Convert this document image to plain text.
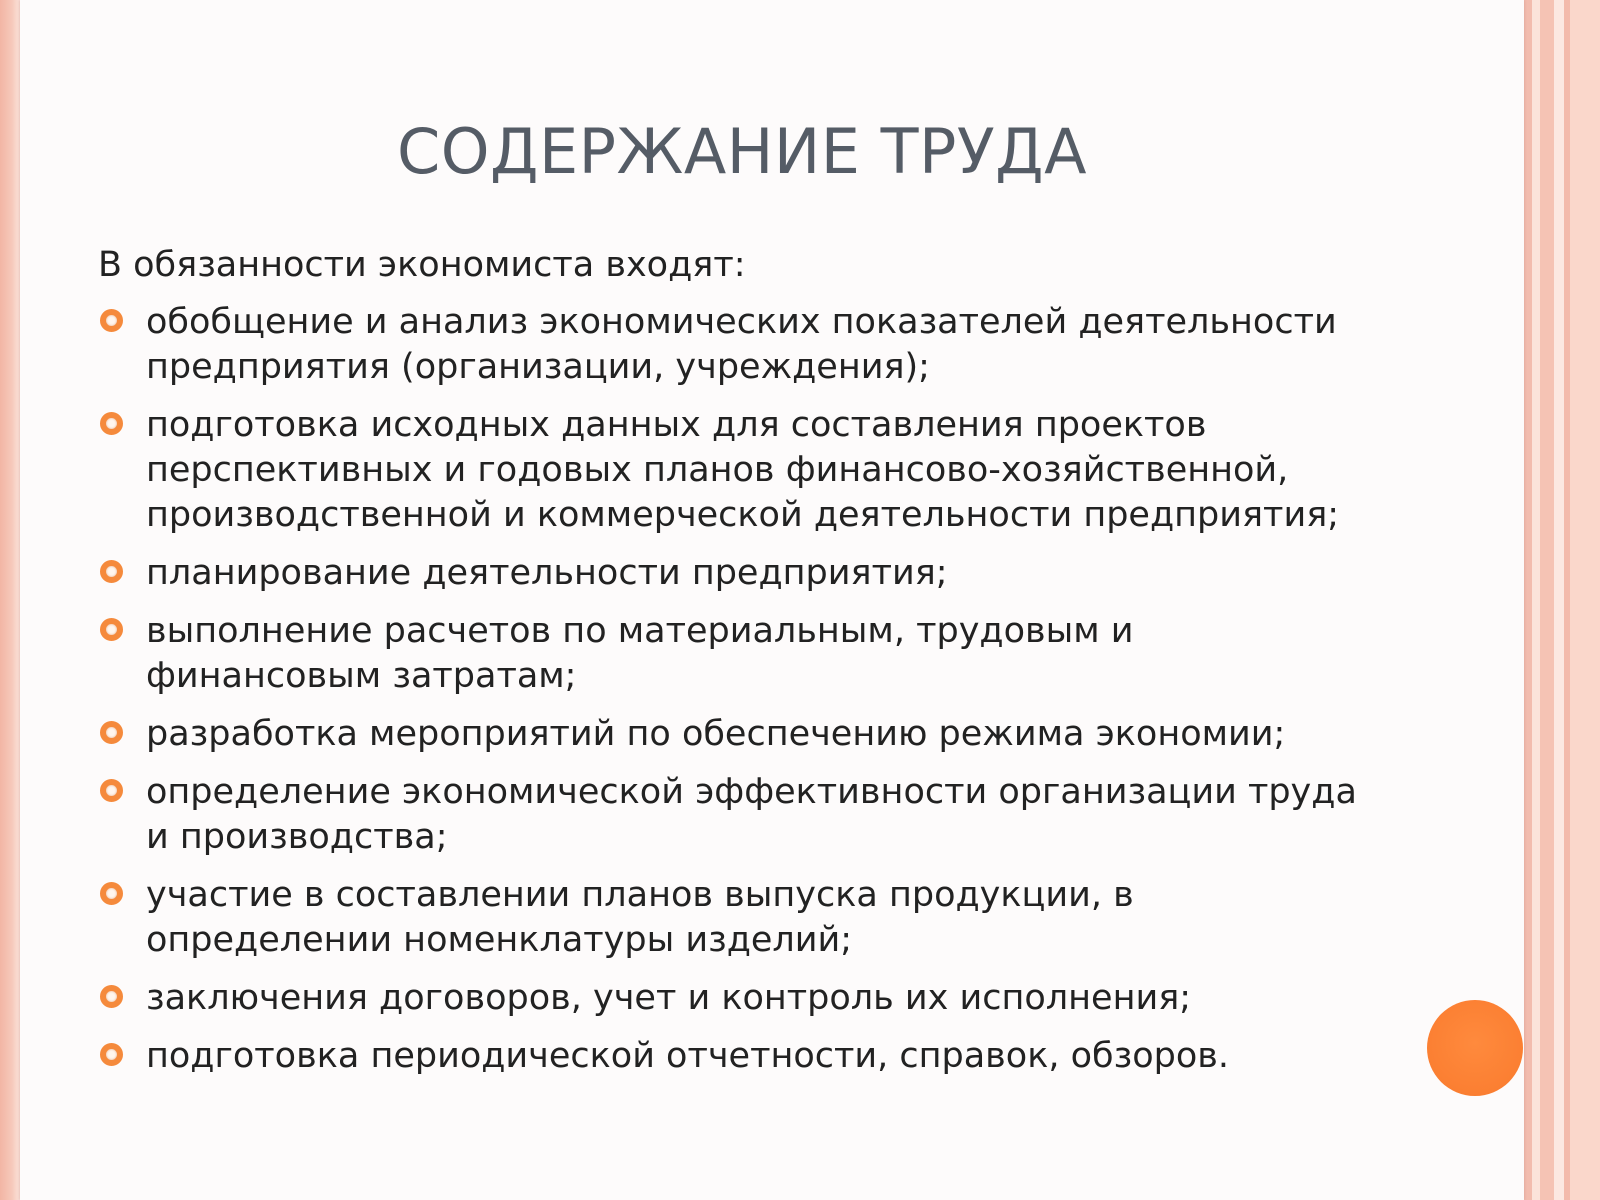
СОДЕРЖАНИЕ ТРУДА

В обязанности экономиста входят:

обобщение и анализ экономических показателей деятельности
предприятия (организации, учреждения);
подготовка исходных данных для составления проектов
перспективных и годовых планов финансово-хозяйственной,
производственной и коммерческой деятельности предприятия;
планирование деятельности предприятия;
выполнение расчетов по материальным, трудовым и
финансовым затратам;
разработка мероприятий по обеспечению режима экономии;
определение экономической эффективности организации труда
и производства;
участие в составлении планов выпуска продукции, в
определении номенклатуры изделий;
заключения договоров, учет и контроль их исполнения;
подготовка периодической отчетности, справок, обзоров.
